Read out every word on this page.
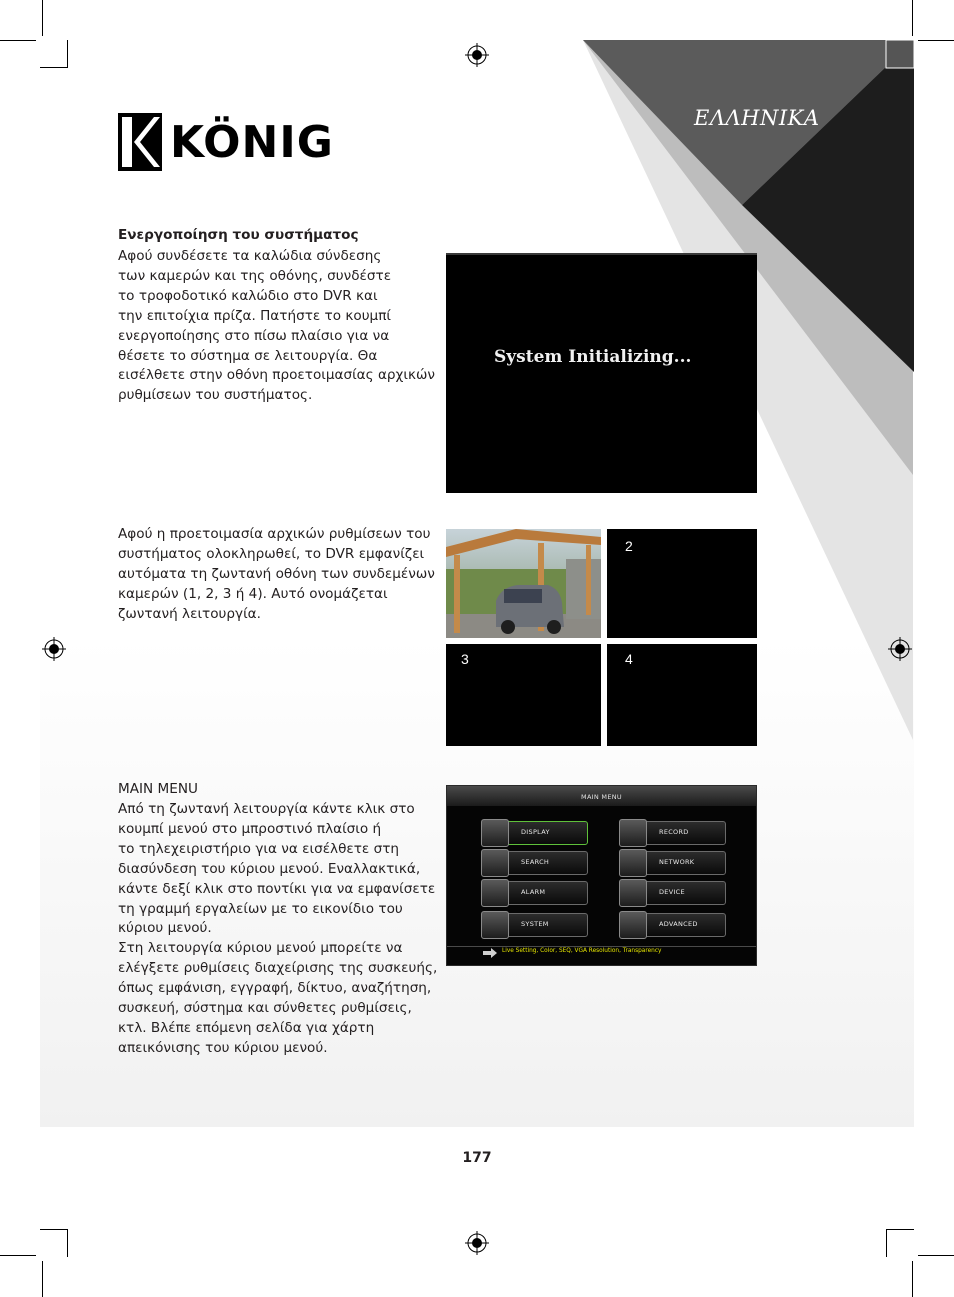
ΕΛΛΗΝΙΚΑ
KÖNIG
Ενεργοποίηση του συστήματος
Αφού συνδέσετε τα καλώδια σύνδεσης
των καμερών και της οθόνης, συνδέστε
το τροφοδοτικό καλώδιο στο DVR και
την επιτοίχια πρίζα. Πατήστε το κουμπί
ενεργοποίησης στο πίσω πλαίσιο για να
θέσετε το σύστημα σε λειτουργία. Θα
εισέλθετε στην οθόνη προετοιμασίας αρχικών
ρυθμίσεων του συστήματος.
System Initializing...
Αφού η προετοιμασία αρχικών ρυθμίσεων του
συστήματος ολοκληρωθεί, το DVR εμφανίζει
αυτόματα τη ζωντανή οθόνη των συνδεμένων
καμερών (1, 2, 3 ή 4). Αυτό ονομάζεται
ζωντανή λειτουργία.
2
3	4
MAIN MENU
Από τη ζωντανή λειτουργία κάντε κλικ στο
κουμπί μενού στο μπροστινό πλαίσιο ή
το τηλεχειριστήριο για να εισέλθετε στη
διασύνδεση του κύριου μενού. Εναλλακτικά,
κάντε δεξί κλικ στο ποντίκι για να εμφανίσετε
τη γραμμή εργαλείων με το εικονίδιο του
κύριου μενού.
Στη λειτουργία κύριου μενού μπορείτε να
ελέγξετε ρυθμίσεις διαχείρισης της συσκευής,
όπως εμφάνιση, εγγραφή, δίκτυο, αναζήτηση,
συσκευή, σύστημα και σύνθετες ρυθμίσεις,
κτλ. Βλέπε επόμενη σελίδα για χάρτη
απεικόνισης του κύριου μενού.
MAIN MENU
DISPLAY	RECORD
SEARCH	NETWORK
ALARM	DEVICE
SYSTEM	ADVANCED
Live Setting, Color, SEQ, VGA Resolution, Transparency
177
